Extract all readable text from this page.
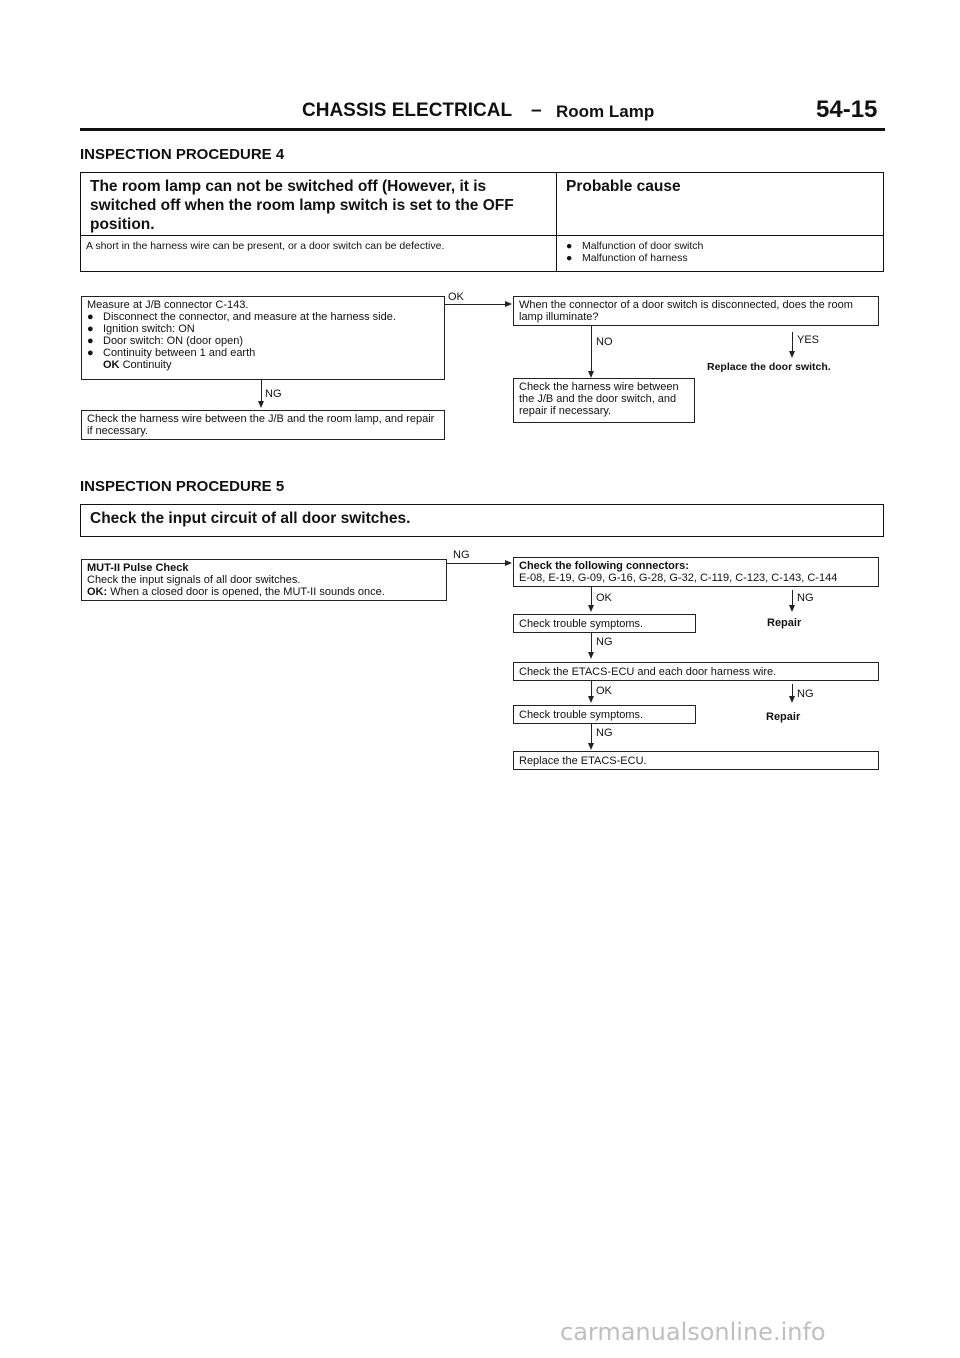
CHASSIS ELECTRICAL – Room Lamp	54-15
INSPECTION PROCEDURE 4
The room lamp can not be switched off (However, it is switched off when the room lamp switch is set to the OFF position.
Probable cause
A short in the harness wire can be present, or a door switch can be defective.	● Malfunction of door switch
● Malfunction of harness
Measure at J/B connector C-143.
● Disconnect the connector, and measure at the harness side.
● Ignition switch: ON
● Door switch: ON (door open)
● Continuity between 1 and earth
OK Continuity
OK
NG
Check the harness wire between the J/B and the room lamp, and repair if necessary.
When the connector of a door switch is disconnected, does the room lamp illuminate?
NO	YES
Replace the door switch.
Check the harness wire between the J/B and the door switch, and repair if necessary.
INSPECTION PROCEDURE 5
Check the input circuit of all door switches.
MUT-II Pulse Check
Check the input signals of all door switches.
OK: When a closed door is opened, the MUT-II sounds once.
NG
Check the following connectors:
E-08, E-19, G-09, G-16, G-28, G-32, C-119, C-123, C-143, C-144
OK	NG
Repair
Check trouble symptoms.
NG
Check the ETACS-ECU and each door harness wire.
OK	NG
Repair
Check trouble symptoms.
NG
Replace the ETACS-ECU.
carmanualsonline.info
